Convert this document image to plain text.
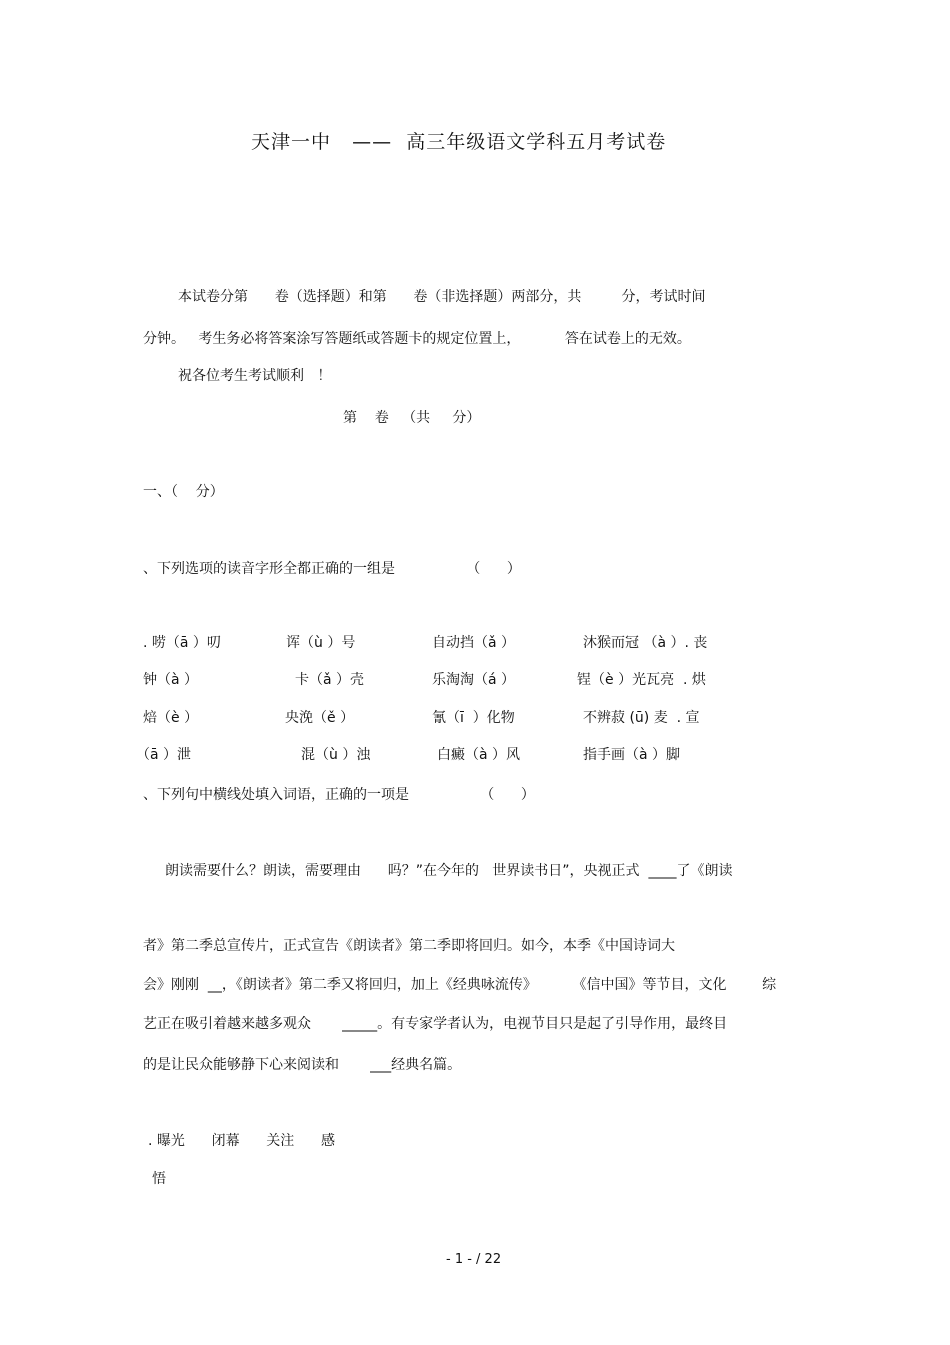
天津一中   ——  高三年级语文学科五月考试卷
本试卷分第      卷（选择题）和第      卷（非选择题）两部分，共         分，考试时间
分钟。   考生务必将答案涂写答题纸或答题卡的规定位置上，          答在试卷上的无效。
祝各位考生考试顺利   ！
第    卷   （共     分）
一、（    分）
、下列选项的读音字形全都正确的一组是                （      ）
. 唠（ā ）叨	诨（ù ）号	自动挡（ǎ ）	沐猴而冠 （à ）. 丧
钟（à ）	卡（ǎ ）壳	乐淘淘（á ）	锃（è ）光瓦亮  . 烘
焙（è ）	央浼（ě ）	氰（ī  ）化物	不辨菽 (ū) 麦  . 宣
（ā ）泄	混（ù ）浊	白癜（à ）风	指手画（à ）脚
、下列句中横线处填入词语，正确的一项是                （      ）
朗读需要什么？朗读，需要理由      吗？”在今年的   世界读书日”，央视正式  ____了《朗读
者》第二季总宣传片，正式宣告《朗读者》第二季即将回归。如今，本季《中国诗词大
会》刚刚  __，《朗读者》第二季又将回归，加上《经典咏流传》        《信中国》等节目，文化        综
艺正在吸引着越来越多观众       _____。有专家学者认为，电视节目只是起了引导作用，最终目
的是让民众能够静下心来阅读和       ___经典名篇。
. 曝光      闭幕      关注      感
悟
- 1 - / 22
